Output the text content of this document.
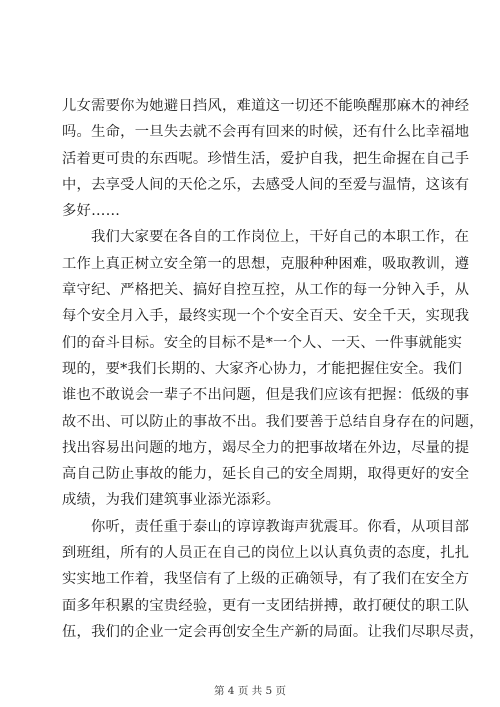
儿女需要你为她避日挡风，难道这一切还不能唤醒那麻木的神经
吗。生命，一旦失去就不会再有回来的时候，还有什么比幸福地
活着更可贵的东西呢。珍惜生活，爱护自我，把生命握在自己手
中，去享受人间的天伦之乐，去感受人间的至爱与温情，这该有
多好……
我们大家要在各自的工作岗位上，干好自己的本职工作，在
工作上真正树立安全第一的思想，克服种种困难，吸取教训，遵
章守纪、严格把关、搞好自控互控，从工作的每一分钟入手，从
每个安全月入手，最终实现一个个安全百天、安全千天，实现我
们的奋斗目标。安全的目标不是*一个人、一天、一件事就能实
现的，要*我们长期的、大家齐心协力，才能把握住安全。我们
谁也不敢说会一辈子不出问题，但是我们应该有把握：低级的事
故不出、可以防止的事故不出。我们要善于总结自身存在的问题，
找出容易出问题的地方，竭尽全力的把事故堵在外边，尽量的提
高自己防止事故的能力，延长自己的安全周期，取得更好的安全
成绩，为我们建筑事业添光添彩。
你听，责任重于泰山的谆谆教诲声犹震耳。你看，从项目部
到班组，所有的人员正在自己的岗位上以认真负责的态度，扎扎
实实地工作着，我坚信有了上级的正确领导，有了我们在安全方
面多年积累的宝贵经验，更有一支团结拼搏，敢打硬仗的职工队
伍，我们的企业一定会再创安全生产新的局面。让我们尽职尽责，
第 4 页 共 5 页
